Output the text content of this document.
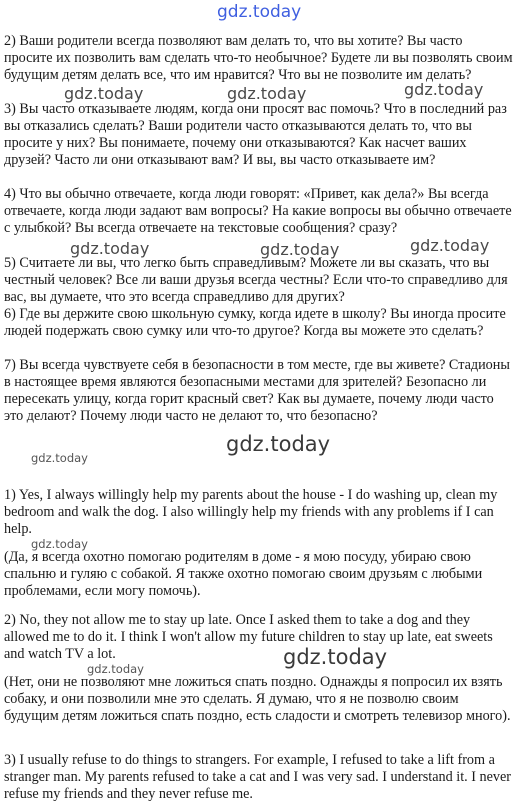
2) Ваши родители всегда позволяют вам делать то, что вы хотите? Вы часто просите их позволить вам сделать что-то необычное? Будете ли вы позволять своим будущим детям делать все, что им нравится? Что вы не позволите им делать?

3) Вы часто отказываете людям, когда они просят вас помочь? Что в последний раз вы отказались сделать? Ваши родители часто отказываются делать то, что вы просите у них? Вы понимаете, почему они отказываются? Как насчет ваших друзей? Часто ли они отказывают вам? И вы, вы часто отказываете им?

4) Что вы обычно отвечаете, когда люди говорят: «Привет, как дела?» Вы всегда отвечаете, когда люди задают вам вопросы? На какие вопросы вы обычно отвечаете с улыбкой? Вы всегда отвечаете на текстовые сообщения? сразу?

5) Считаете ли вы, что легко быть справедливым? Можете ли вы сказать, что вы честный человек? Все ли ваши друзья всегда честны? Если что-то справедливо для вас, вы думаете, что это всегда справедливо для других?

6) Где вы держите свою школьную сумку, когда идете в школу? Вы иногда просите людей подержать свою сумку или что-то другое? Когда вы можете это сделать?

7) Вы всегда чувствуете себя в безопасности в том месте, где вы живете? Стадионы в настоящее время являются безопасными местами для зрителей? Безопасно ли пересекать улицу, когда горит красный свет? Как вы думаете, почему люди часто это делают? Почему люди часто не делают то, что безопасно?

1) Yes, I always willingly help my parents about the house - I do washing up, clean my bedroom and walk the dog. I also willingly help my friends with any problems if I can help.

(Да, я всегда охотно помогаю родителям в доме - я мою посуду, убираю свою спальню и гуляю с собакой. Я также охотно помогаю своим друзьям с любыми проблемами, если могу помочь).

2) No, they not allow me to stay up late. Once I asked them to take a dog and they allowed me to do it. I think I won't allow my future children to stay up late, eat sweets and watch TV a lot.

(Нет, они не позволяют мне ложиться спать поздно. Однажды я попросил их взять собаку, и они позволили мне это сделать. Я думаю, что я не позволю своим будущим детям ложиться спать поздно, есть сладости и смотреть телевизор много).

3) I usually refuse to do things to strangers. For example, I refused to take a lift from a stranger man. My parents refused to take a cat and I was very sad. I understand it. I never refuse my friends and they never refuse me.

gdz.today
gdz.today	gdz.today	gdz.today
gdz.today	gdz.today	gdz.today
gdz.today
gdz.today
gdz.today
gdz.today
gdz.today
